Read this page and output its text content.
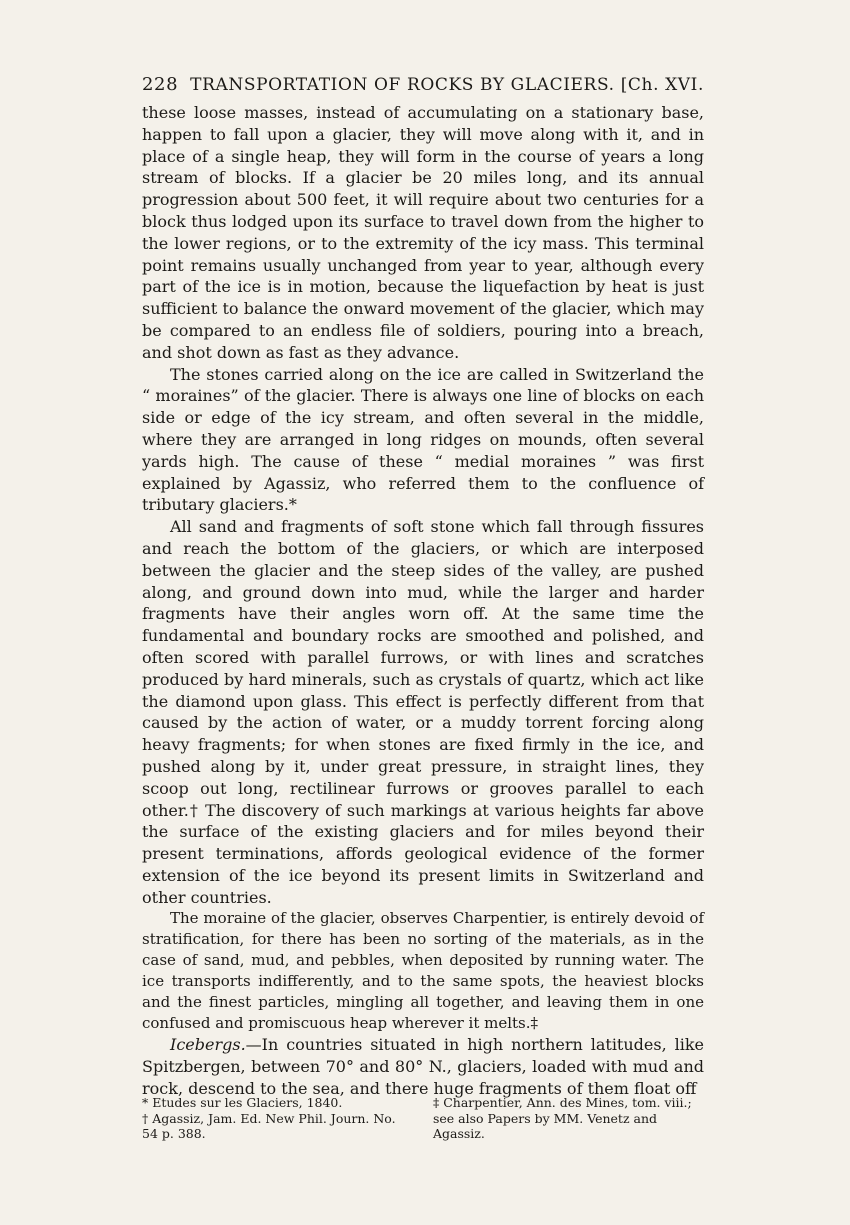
228 TRANSPORTATION OF ROCKS BY GLACIERS. [Ch. XVI.

these loose masses, instead of accumulating on a stationary base, happen to fall upon a glacier, they will move along with it, and in place of a single heap, they will form in the course of years a long stream of blocks. If a glacier be 20 miles long, and its annual progression about 500 feet, it will require about two centuries for a block thus lodged upon its surface to travel down from the higher to the lower regions, or to the extremity of the icy mass. This terminal point remains usually unchanged from year to year, although every part of the ice is in motion, because the liquefaction by heat is just sufficient to balance the onward movement of the glacier, which may be compared to an endless file of soldiers, pouring into a breach, and shot down as fast as they advance.

The stones carried along on the ice are called in Switzerland the “ moraines” of the glacier. There is always one line of blocks on each side or edge of the icy stream, and often several in the middle, where they are arranged in long ridges on mounds, often several yards high. The cause of these “ medial moraines ” was first explained by Agassiz, who referred them to the confluence of tributary glaciers.*

All sand and fragments of soft stone which fall through fissures and reach the bottom of the glaciers, or which are interposed between the glacier and the steep sides of the valley, are pushed along, and ground down into mud, while the larger and harder fragments have their angles worn off. At the same time the fundamental and boundary rocks are smoothed and polished, and often scored with parallel furrows, or with lines and scratches produced by hard minerals, such as crystals of quartz, which act like the diamond upon glass. This effect is perfectly different from that caused by the action of water, or a muddy torrent forcing along heavy fragments; for when stones are fixed firmly in the ice, and pushed along by it, under great pressure, in straight lines, they scoop out long, rectilinear furrows or grooves parallel to each other.† The discovery of such markings at various heights far above the surface of the existing glaciers and for miles beyond their present terminations, affords geological evidence of the former extension of the ice beyond its present limits in Switzerland and other countries.

The moraine of the glacier, observes Charpentier, is entirely devoid of stratification, for there has been no sorting of the materials, as in the case of sand, mud, and pebbles, when deposited by running water. The ice transports indifferently, and to the same spots, the heaviest blocks and the finest particles, mingling all together, and leaving them in one confused and promiscuous heap wherever it melts.‡

Icebergs.—In countries situated in high northern latitudes, like Spitzbergen, between 70° and 80° N., glaciers, loaded with mud and rock, descend to the sea, and there huge fragments of them float off

* Etudes sur les Glaciers, 1840.

† Agassiz, Jam. Ed. New Phil. Journ. No. 54 p. 388.

‡ Charpentier, Ann. des Mines, tom. viii.; see also Papers by MM. Venetz and Agassiz.
